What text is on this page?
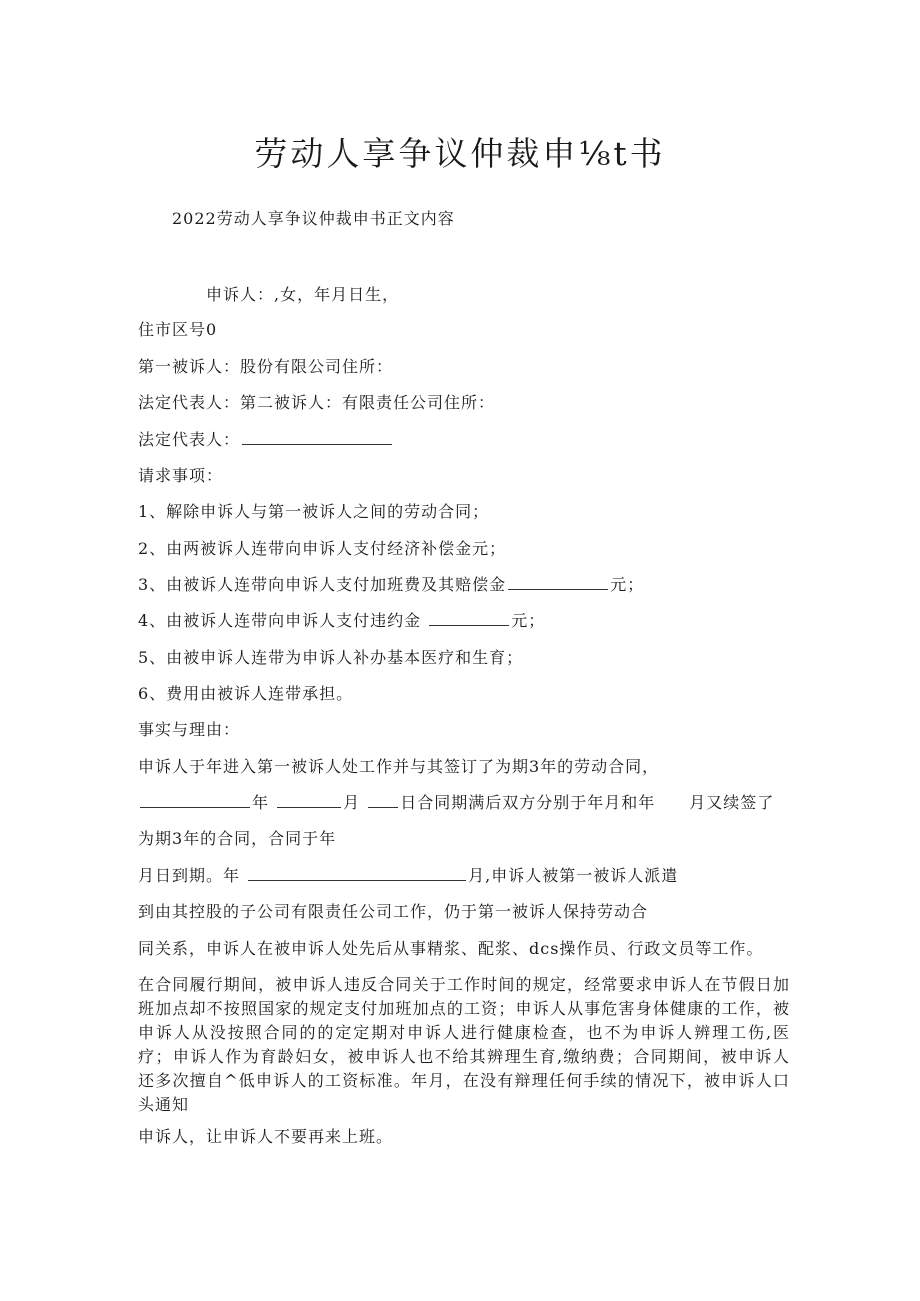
劳动人享争议仲裁申⅛t书
2022劳动人享争议仲裁申书正文内容
申诉人：,女，年月日生，
住市区号0
第一被诉人：股份有限公司住所：
法定代表人：第二被诉人：有限责任公司住所：
法定代表人：
请求事项：
1、解除申诉人与第一被诉人之间的劳动合同；
2、由两被诉人连带向申诉人支付经济补偿金元；
3、由被诉人连带向申诉人支付加班费及其赔偿金	元；
4、由被诉人连带向申诉人支付违约金	元；
5、由被申诉人连带为申诉人补办基本医疗和生育；
6、费用由被诉人连带承担。
事实与理由：
申诉人于年进入第一被诉人处工作并与其签订了为期3年的劳动合同，
年	月	日合同期满后双方分别于年月和年 月又续签了
为期3年的合同，合同于年
月日到期。年	月,申诉人被第一被诉人派遣
到由其控股的子公司有限责任公司工作，仍于第一被诉人保持劳动合
同关系，申诉人在被申诉人处先后从事精浆、配浆、dcs操作员、行政文员等工作。
在合同履行期间，被申诉人违反合同关于工作时间的规定，经常要求申诉人在节假日加班加点却不按照国家的规定支付加班加点的工资；申诉人从事危害身体健康的工作，被申诉人从没按照合同的的定定期对申诉人进行健康检查，也不为申诉人辨理工伤,医疗；申诉人作为育龄妇女，被申诉人也不给其辨理生育,缴纳费；合同期间，被申诉人还多次擅自^低申诉人的工资标准。年月，在没有辩理任何手续的情况下，被申诉人口头通知
申诉人，让申诉人不要再来上班。
